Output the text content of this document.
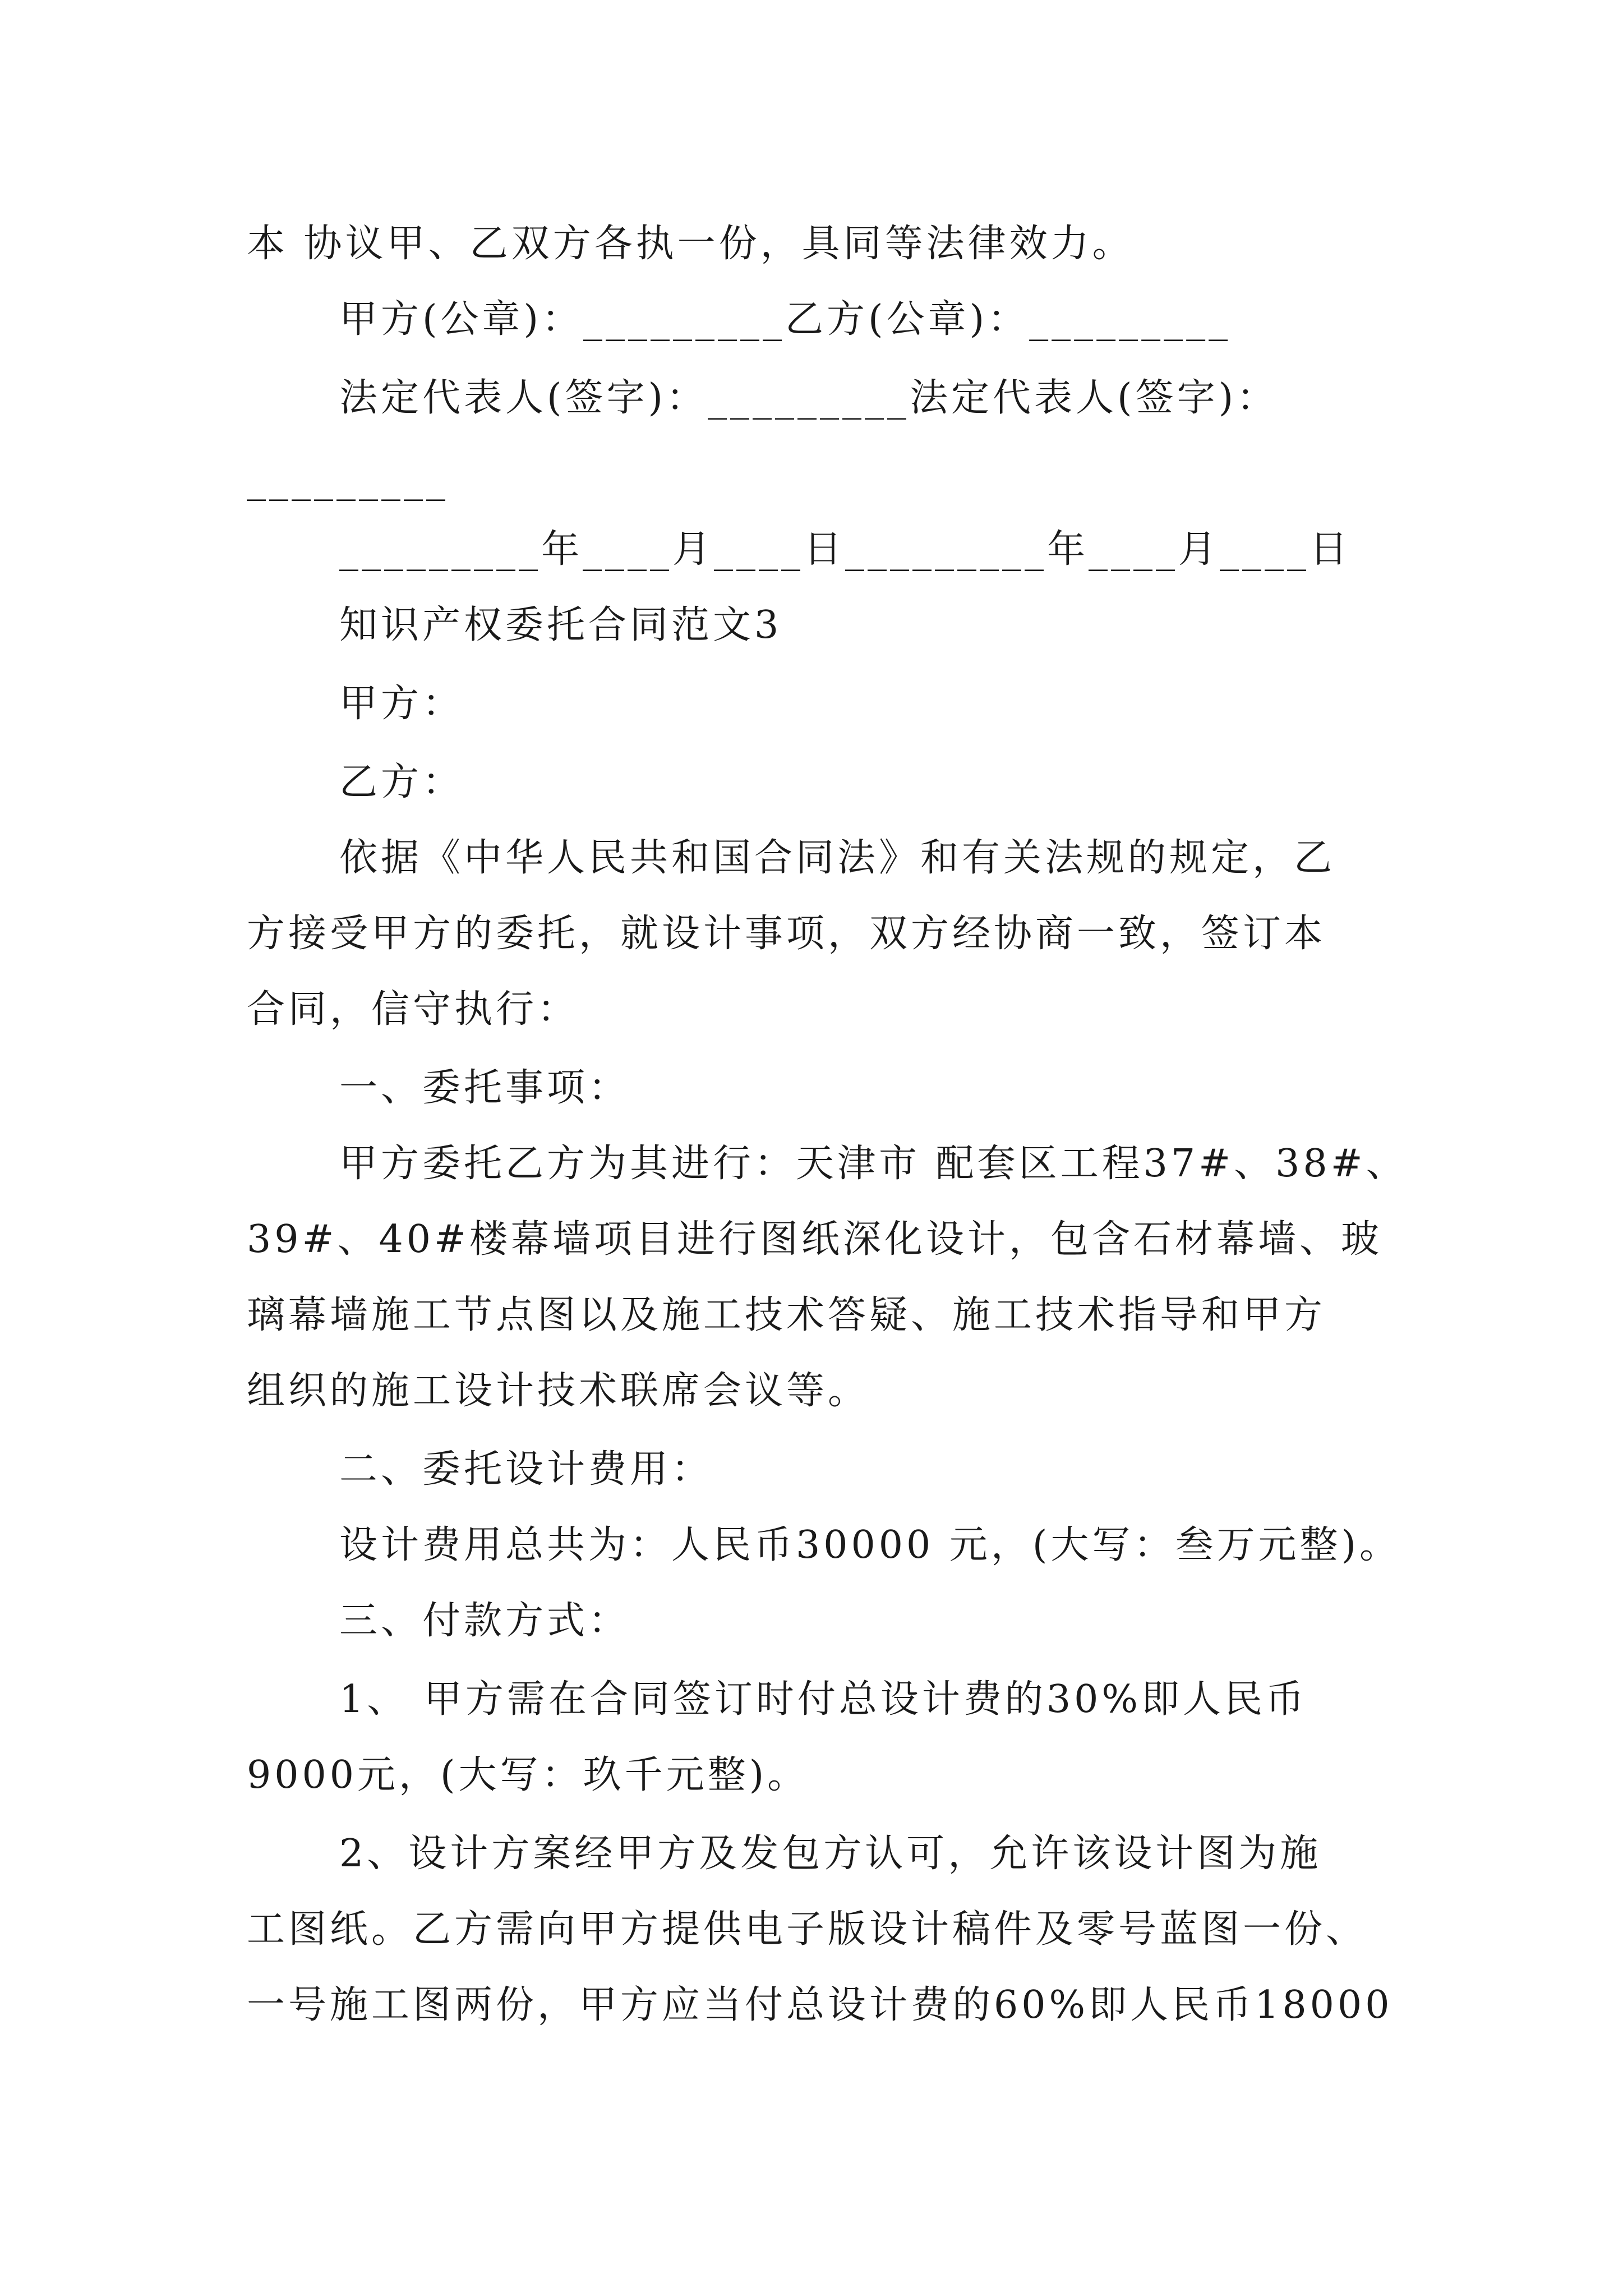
本 协议甲、乙双方各执一份，具同等法律效力。
甲方(公章)：_________乙方(公章)：_________
法定代表人(签字)：_________法定代表人(签字)：
_________
_________年____月____日_________年____月____日
知识产权委托合同范文3
甲方：
乙方：
依据《中华人民共和国合同法》和有关法规的规定，乙
方接受甲方的委托，就设计事项，双方经协商一致，签订本
合同，信守执行：
一、委托事项：
甲方委托乙方为其进行：天津市 配套区工程37#、38#、
39#、40#楼幕墙项目进行图纸深化设计，包含石材幕墙、玻
璃幕墙施工节点图以及施工技术答疑、施工技术指导和甲方
组织的施工设计技术联席会议等。
二、委托设计费用：
设计费用总共为：人民币30000 元，(大写：叁万元整)。
三、付款方式：
1、 甲方需在合同签订时付总设计费的30%即人民币
9000元，(大写：玖千元整)。
2、设计方案经甲方及发包方认可，允许该设计图为施
工图纸。乙方需向甲方提供电子版设计稿件及零号蓝图一份、
一号施工图两份，甲方应当付总设计费的60%即人民币18000
